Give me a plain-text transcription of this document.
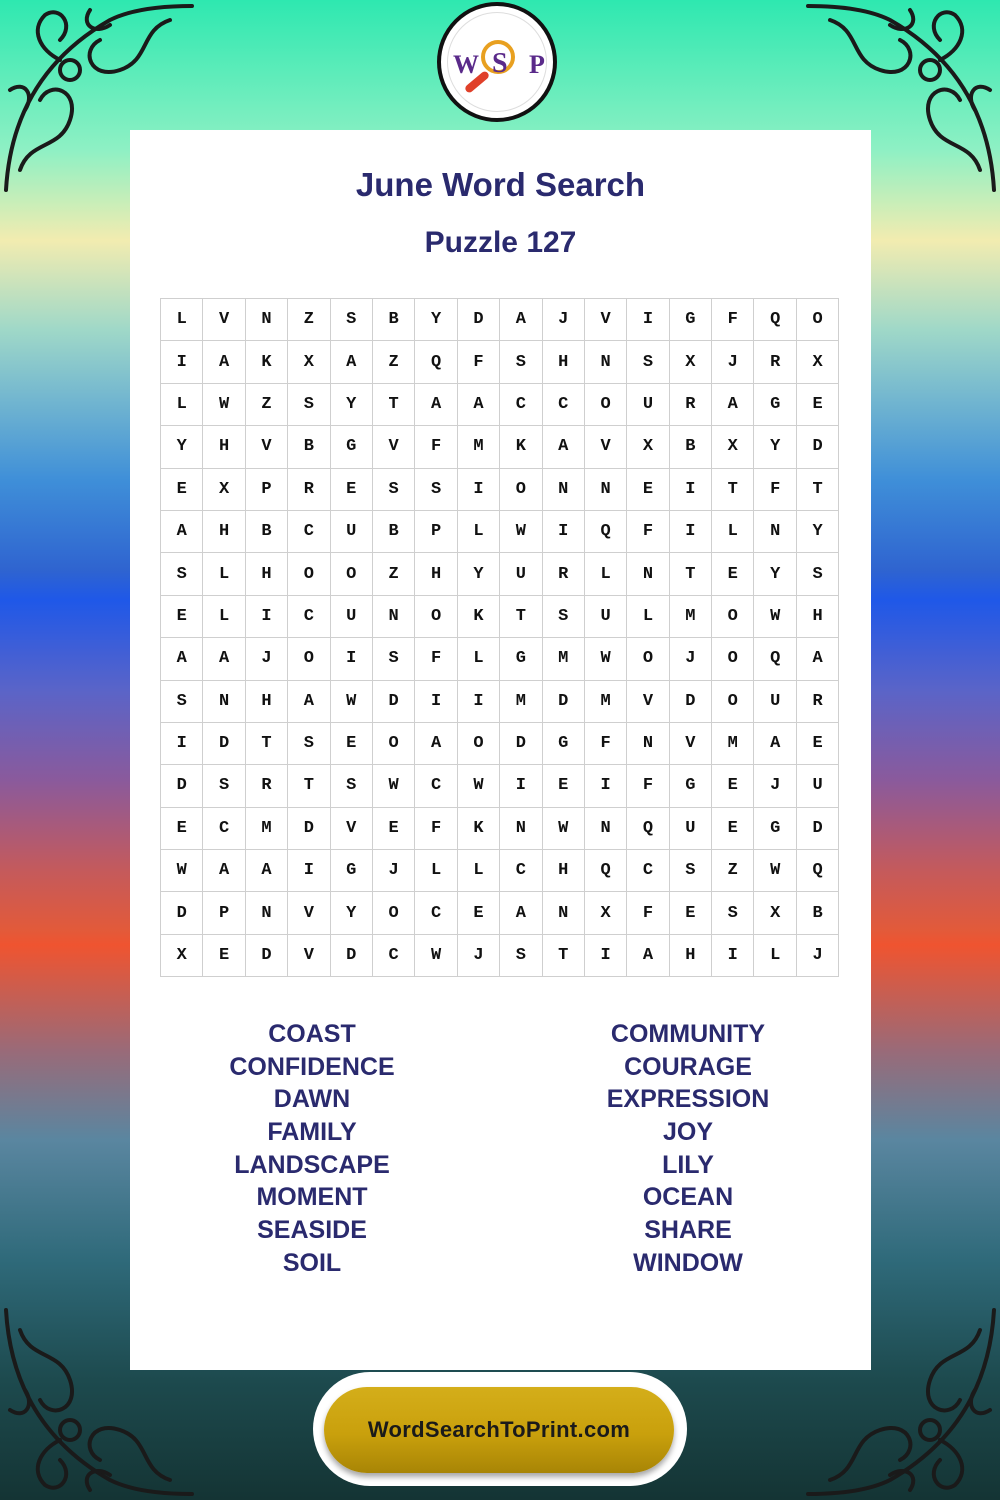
W S P
June Word Search
Puzzle 127
L	V	N	Z	S	B	Y	D	A	J	V	I	G	F	Q	O
I	A	K	X	A	Z	Q	F	S	H	N	S	X	J	R	X
L	W	Z	S	Y	T	A	A	C	C	O	U	R	A	G	E
Y	H	V	B	G	V	F	M	K	A	V	X	B	X	Y	D
E	X	P	R	E	S	S	I	O	N	N	E	I	T	F	T
A	H	B	C	U	B	P	L	W	I	Q	F	I	L	N	Y
S	L	H	O	O	Z	H	Y	U	R	L	N	T	E	Y	S
E	L	I	C	U	N	O	K	T	S	U	L	M	O	W	H
A	A	J	O	I	S	F	L	G	M	W	O	J	O	Q	A
S	N	H	A	W	D	I	I	M	D	M	V	D	O	U	R
I	D	T	S	E	O	A	O	D	G	F	N	V	M	A	E
D	S	R	T	S	W	C	W	I	E	I	F	G	E	J	U
E	C	M	D	V	E	F	K	N	W	N	Q	U	E	G	D
W	A	A	I	G	J	L	L	C	H	Q	C	S	Z	W	Q
D	P	N	V	Y	O	C	E	A	N	X	F	E	S	X	B
X	E	D	V	D	C	W	J	S	T	I	A	H	I	L	J
COAST
CONFIDENCE
DAWN
FAMILY
LANDSCAPE
MOMENT
SEASIDE
SOIL
COMMUNITY
COURAGE
EXPRESSION
JOY
LILY
OCEAN
SHARE
WINDOW
WordSearchToPrint.com
